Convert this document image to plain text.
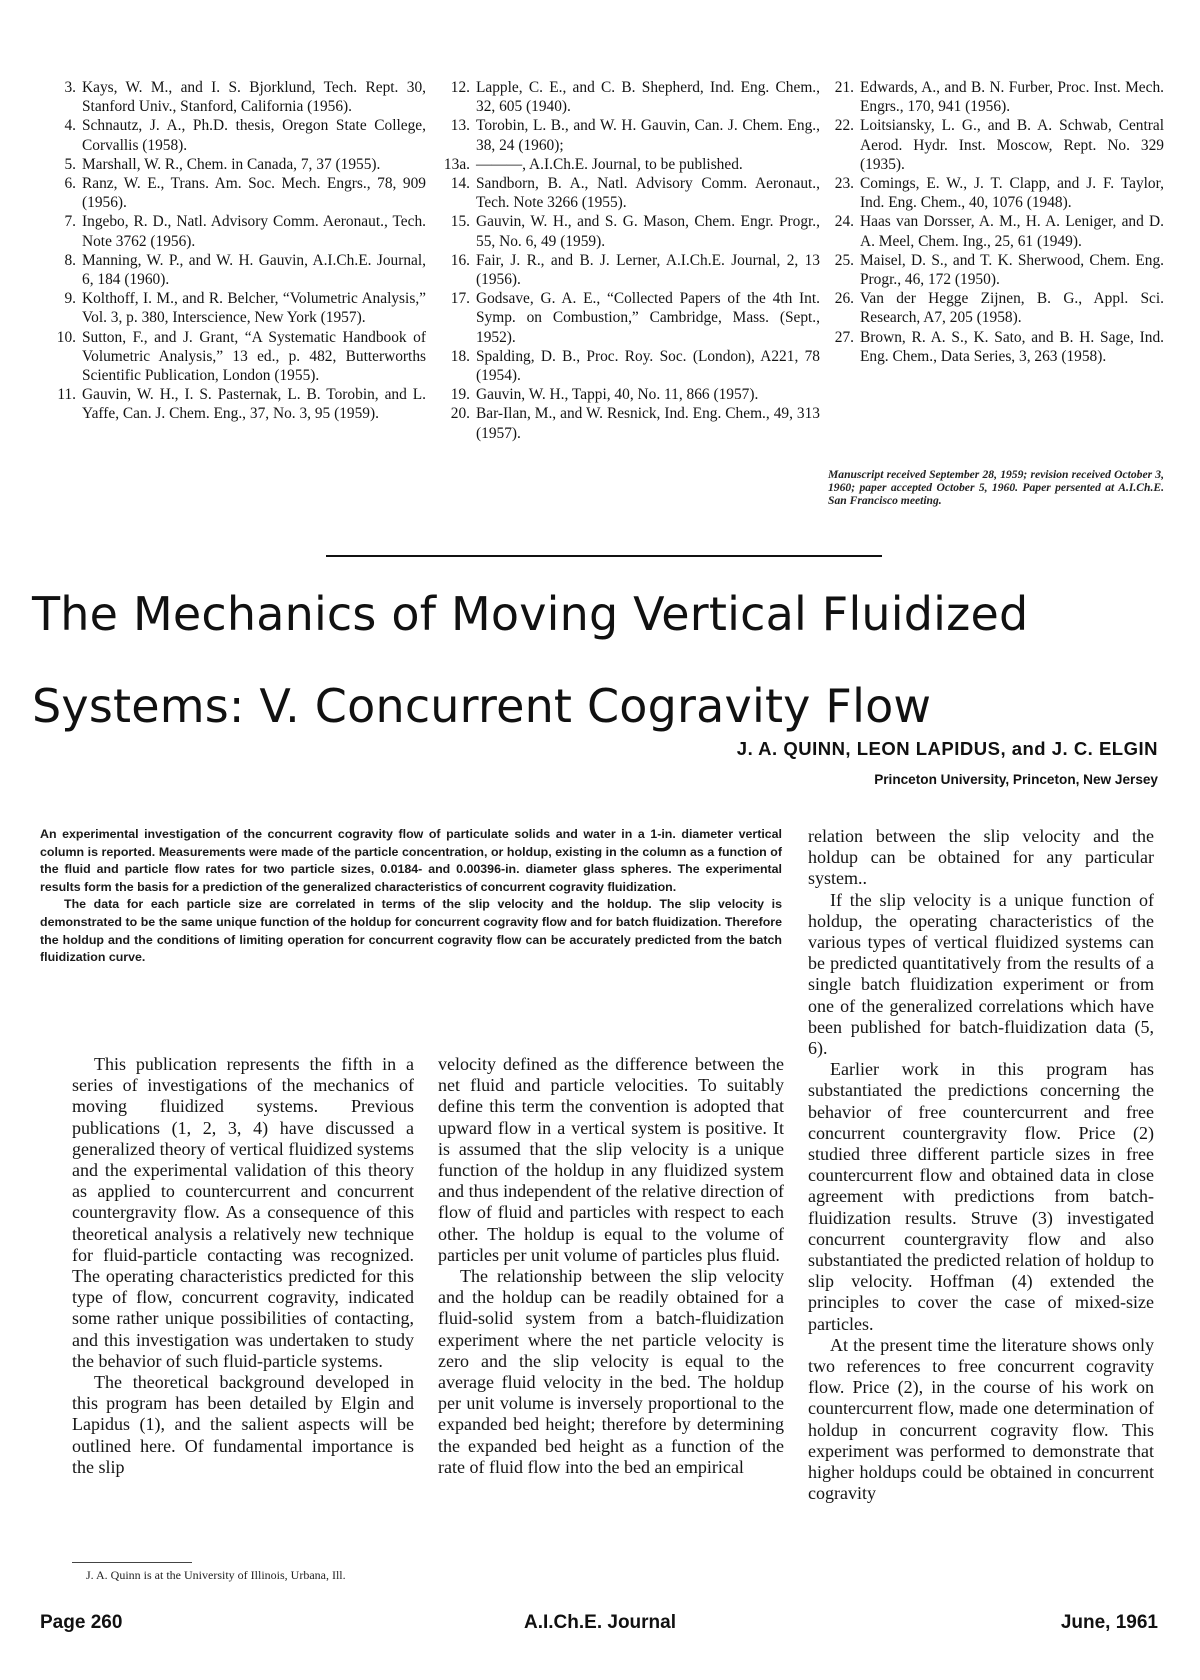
3. Kays, W. M., and I. S. Bjorklund, Tech. Rept. 30, Stanford Univ., Stanford, California (1956).
4. Schnautz, J. A., Ph.D. thesis, Oregon State College, Corvallis (1958).
5. Marshall, W. R., Chem. in Canada, 7, 37 (1955).
6. Ranz, W. E., Trans. Am. Soc. Mech. Engrs., 78, 909 (1956).
7. Ingebo, R. D., Natl. Advisory Comm. Aeronaut., Tech. Note 3762 (1956).
8. Manning, W. P., and W. H. Gauvin, A.I.Ch.E. Journal, 6, 184 (1960).
9. Kolthoff, I. M., and R. Belcher, “Volumetric Analysis,” Vol. 3, p. 380, Interscience, New York (1957).
10. Sutton, F., and J. Grant, “A Systematic Handbook of Volumetric Analysis,” 13 ed., p. 482, Butterworths Scientific Publication, London (1955).
11. Gauvin, W. H., I. S. Pasternak, L. B. Torobin, and L. Yaffe, Can. J. Chem. Eng., 37, No. 3, 95 (1959).
12. Lapple, C. E., and C. B. Shepherd, Ind. Eng. Chem., 32, 605 (1940).
13. Torobin, L. B., and W. H. Gauvin, Can. J. Chem. Eng., 38, 24 (1960);
13a. ———, A.I.Ch.E. Journal, to be published.
14. Sandborn, B. A., Natl. Advisory Comm. Aeronaut., Tech. Note 3266 (1955).
15. Gauvin, W. H., and S. G. Mason, Chem. Engr. Progr., 55, No. 6, 49 (1959).
16. Fair, J. R., and B. J. Lerner, A.I.Ch.E. Journal, 2, 13 (1956).
17. Godsave, G. A. E., “Collected Papers of the 4th Int. Symp. on Combustion,” Cambridge, Mass. (Sept., 1952).
18. Spalding, D. B., Proc. Roy. Soc. (London), A221, 78 (1954).
19. Gauvin, W. H., Tappi, 40, No. 11, 866 (1957).
20. Bar-Ilan, M., and W. Resnick, Ind. Eng. Chem., 49, 313 (1957).
21. Edwards, A., and B. N. Furber, Proc. Inst. Mech. Engrs., 170, 941 (1956).
22. Loitsiansky, L. G., and B. A. Schwab, Central Aerod. Hydr. Inst. Moscow, Rept. No. 329 (1935).
23. Comings, E. W., J. T. Clapp, and J. F. Taylor, Ind. Eng. Chem., 40, 1076 (1948).
24. Haas van Dorsser, A. M., H. A. Leniger, and D. A. Meel, Chem. Ing., 25, 61 (1949).
25. Maisel, D. S., and T. K. Sherwood, Chem. Eng. Progr., 46, 172 (1950).
26. Van der Hegge Zijnen, B. G., Appl. Sci. Research, A7, 205 (1958).
27. Brown, R. A. S., K. Sato, and B. H. Sage, Ind. Eng. Chem., Data Series, 3, 263 (1958).
Manuscript received September 28, 1959; revision received October 3, 1960; paper accepted October 5, 1960. Paper persented at A.I.Ch.E. San Francisco meeting.
The Mechanics of Moving Vertical Fluidized Systems: V. Concurrent Cogravity Flow
J. A. QUINN, LEON LAPIDUS, and J. C. ELGIN
Princeton University, Princeton, New Jersey

An experimental investigation of the concurrent cogravity flow of particulate solids and water in a 1-in. diameter vertical column is reported. Measurements were made of the particle concentration, or holdup, existing in the column as a function of the fluid and particle flow rates for two particle sizes, 0.0184- and 0.00396-in. diameter glass spheres. The experimental results form the basis for a prediction of the generalized characteristics of concurrent cogravity fluidization.

The data for each particle size are correlated in terms of the slip velocity and the holdup. The slip velocity is demonstrated to be the same unique function of the holdup for concurrent cogravity flow and for batch fluidization. Therefore the holdup and the conditions of limiting operation for concurrent cogravity flow can be accurately predicted from the batch fluidization curve.

This publication represents the fifth in a series of investigations of the mechanics of moving fluidized systems. Previous publications (1, 2, 3, 4) have discussed a generalized theory of vertical fluidized systems and the experimental validation of this theory as applied to countercurrent and concurrent countergravity flow. As a consequence of this theoretical analysis a relatively new technique for fluid-particle contacting was recognized. The operating characteristics predicted for this type of flow, concurrent cogravity, indicated some rather unique possibilities of contacting, and this investigation was undertaken to study the behavior of such fluid-particle systems.

The theoretical background developed in this program has been detailed by Elgin and Lapidus (1), and the salient aspects will be outlined here. Of fundamental importance is the slip

velocity defined as the difference between the net fluid and particle velocities. To suitably define this term the convention is adopted that upward flow in a vertical system is positive. It is assumed that the slip velocity is a unique function of the holdup in any fluidized system and thus independent of the relative direction of flow of fluid and particles with respect to each other. The holdup is equal to the volume of particles per unit volume of particles plus fluid.

The relationship between the slip velocity and the holdup can be readily obtained for a fluid-solid system from a batch-fluidization experiment where the net particle velocity is zero and the slip velocity is equal to the average fluid velocity in the bed. The holdup per unit volume is inversely proportional to the expanded bed height; therefore by determining the expanded bed height as a function of the rate of fluid flow into the bed an empirical

relation between the slip velocity and the holdup can be obtained for any particular system..

If the slip velocity is a unique function of holdup, the operating characteristics of the various types of vertical fluidized systems can be predicted quantitatively from the results of a single batch fluidization experiment or from one of the generalized correlations which have been published for batch-fluidization data (5, 6).

Earlier work in this program has substantiated the predictions concerning the behavior of free countercurrent and free concurrent countergravity flow. Price (2) studied three different particle sizes in free countercurrent flow and obtained data in close agreement with predictions from batch-fluidization results. Struve (3) investigated concurrent countergravity flow and also substantiated the predicted relation of holdup to slip velocity. Hoffman (4) extended the principles to cover the case of mixed-size particles.

At the present time the literature shows only two references to free concurrent cogravity flow. Price (2), in the course of his work on countercurrent flow, made one determination of holdup in concurrent cogravity flow. This experiment was performed to demonstrate that higher holdups could be obtained in concurrent cogravity

J. A. Quinn is at the University of Illinois, Urbana, Ill.
Page 260	A.I.Ch.E. Journal	June, 1961
